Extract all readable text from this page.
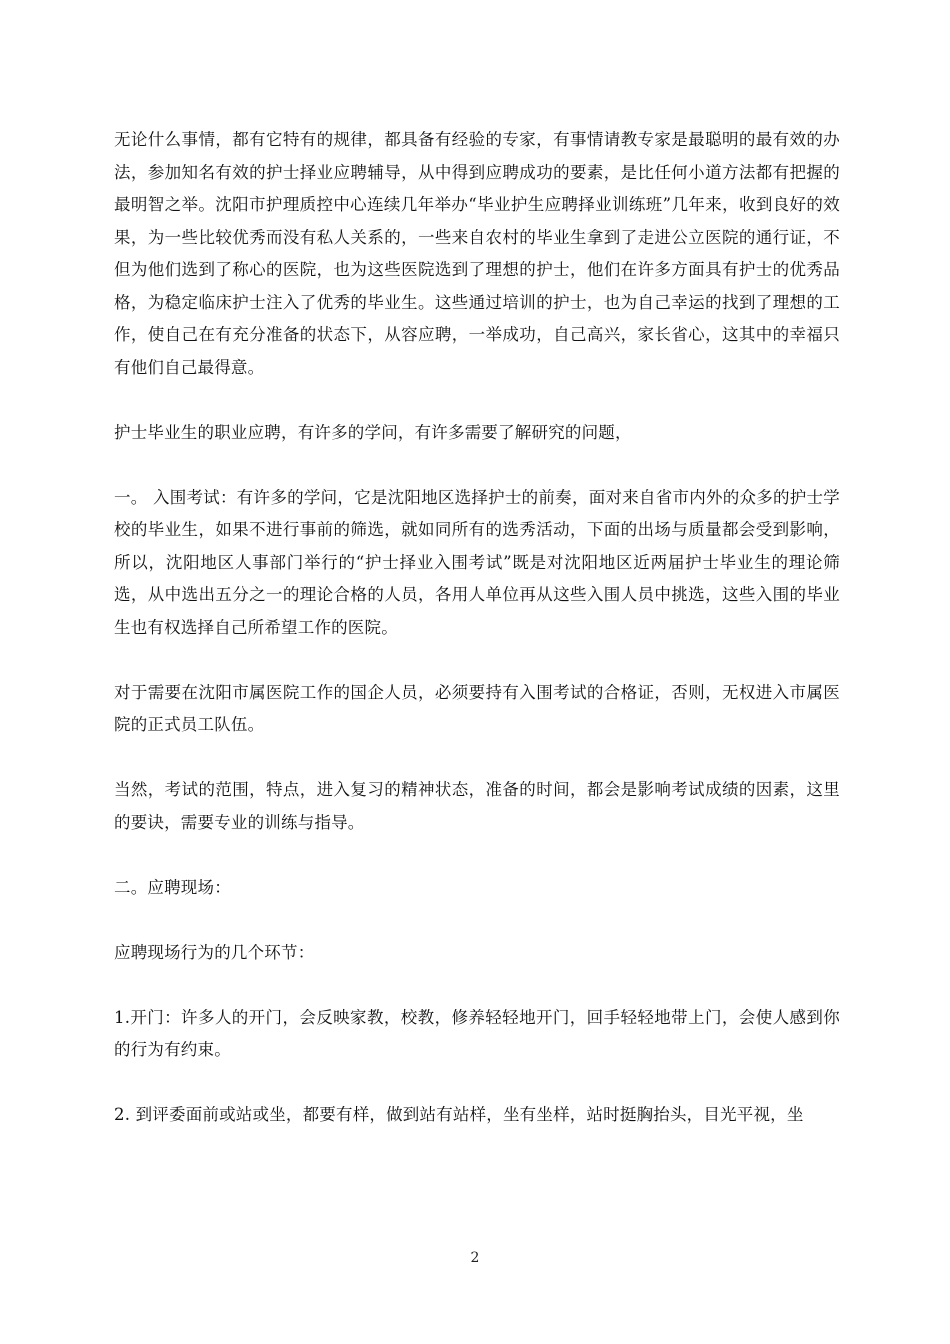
无论什么事情，都有它特有的规律，都具备有经验的专家，有事情请教专家是最聪明的最有效的办法，参加知名有效的护士择业应聘辅导，从中得到应聘成功的要素，是比任何小道方法都有把握的最明智之举。沈阳市护理质控中心连续几年举办“毕业护生应聘择业训练班”几年来，收到良好的效果，为一些比较优秀而没有私人关系的，一些来自农村的毕业生拿到了走进公立医院的通行证，不但为他们选到了称心的医院，也为这些医院选到了理想的护士，他们在许多方面具有护士的优秀品格，为稳定临床护士注入了优秀的毕业生。这些通过培训的护士，也为自己幸运的找到了理想的工作，使自己在有充分准备的状态下，从容应聘，一举成功，自己高兴，家长省心，这其中的幸福只有他们自己最得意。

护士毕业生的职业应聘，有许多的学问，有许多需要了解研究的问题，

一。 入围考试：有许多的学问，它是沈阳地区选择护士的前奏，面对来自省市内外的众多的护士学校的毕业生，如果不进行事前的筛选，就如同所有的选秀活动，下面的出场与质量都会受到影响，所以，沈阳地区人事部门举行的“护士择业入围考试”既是对沈阳地区近两届护士毕业生的理论筛选，从中选出五分之一的理论合格的人员，各用人单位再从这些入围人员中挑选，这些入围的毕业生也有权选择自己所希望工作的医院。

对于需要在沈阳市属医院工作的国企人员，必须要持有入围考试的合格证，否则，无权进入市属医院的正式员工队伍。

当然，考试的范围，特点，进入复习的精神状态，准备的时间，都会是影响考试成绩的因素，这里的要诀，需要专业的训练与指导。

二。应聘现场：

应聘现场行为的几个环节：

1.开门：许多人的开门，会反映家教，校教，修养轻轻地开门，回手轻轻地带上门，会使人感到你的行为有约束。

2. 到评委面前或站或坐，都要有样，做到站有站样，坐有坐样，站时挺胸抬头，目光平视，坐

2
